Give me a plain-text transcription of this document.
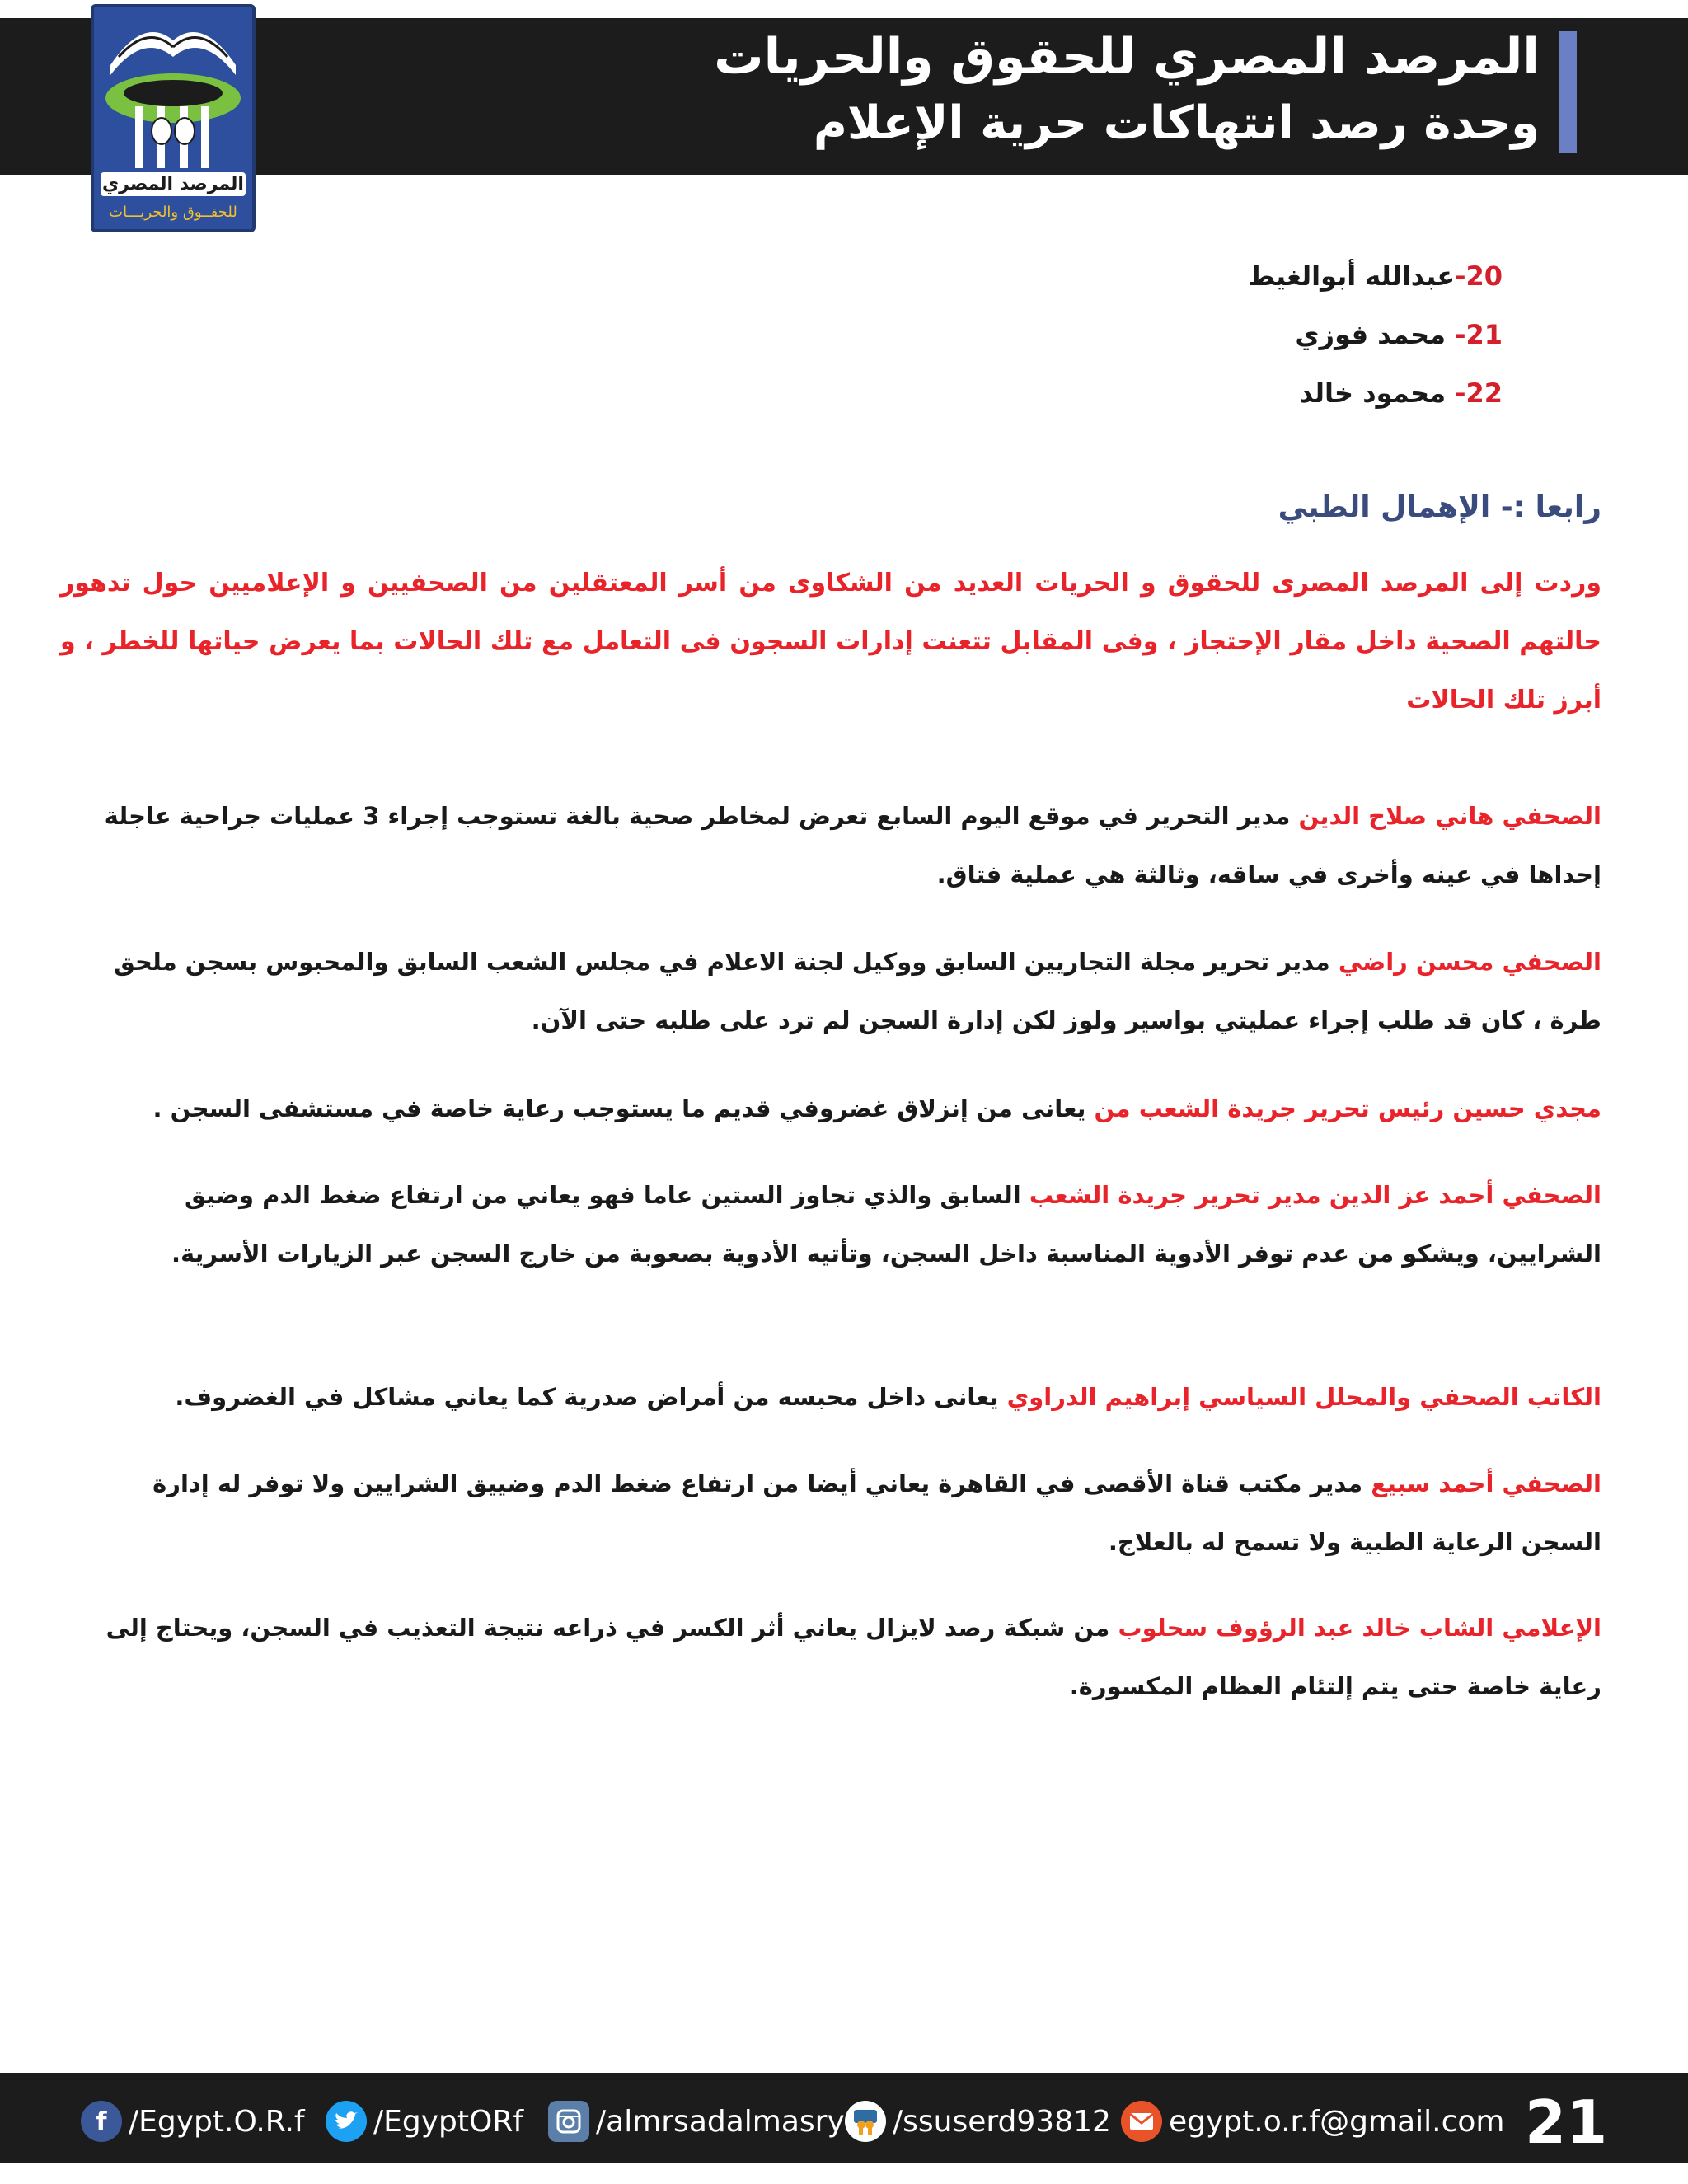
المرصد المصري للحقوق والحريات
وحدة رصد انتهاكات حرية الإعلام
المرصد المصري
للحقــوق والحريـــات
20-عبدالله أبوالغيط
21- محمد فوزي
22- محمود خالد
رابعا :- الإهمال الطبي
وردت إلى المرصد المصرى للحقوق و الحريات العديد من الشكاوى من أسر المعتقلين من الصحفيين و الإعلاميين حول تدهور حالتهم الصحية داخل مقار الإحتجاز ، وفى المقابل تتعنت إدارات السجون فى التعامل مع تلك الحالات بما يعرض حياتها للخطر ، و أبرز تلك الحالات
الصحفي هاني صلاح الدين مدير التحرير في موقع اليوم السابع تعرض لمخاطر صحية بالغة تستوجب إجراء 3 عمليات جراحية عاجلة إحداها في عينه وأخرى في ساقه، وثالثة هي عملية فتاق.
الصحفي محسن راضي مدير تحرير مجلة التجاريين السابق ووكيل لجنة الاعلام في مجلس الشعب السابق والمحبوس بسجن ملحق طرة ، كان قد طلب إجراء عمليتي بواسير ولوز لكن إدارة السجن لم ترد على طلبه حتى الآن.
مجدي حسين رئيس تحرير جريدة الشعب من يعانى من إنزلاق غضروفي قديم ما يستوجب رعاية خاصة في مستشفى السجن .
الصحفي أحمد عز الدين مدير تحرير جريدة الشعب السابق والذي تجاوز الستين عاما فهو يعاني من ارتفاع ضغط الدم وضيق الشرايين، ويشكو من عدم توفر الأدوية المناسبة داخل السجن، وتأتيه الأدوية بصعوبة من خارج السجن عبر الزيارات الأسرية.
الكاتب الصحفي والمحلل السياسي إبراهيم الدراوي يعانى داخل محبسه من أمراض صدرية كما يعاني مشاكل في الغضروف.
الصحفي أحمد سبيع مدير مكتب قناة الأقصى في القاهرة يعاني أيضا من ارتفاع ضغط الدم وضييق الشرايين ولا توفر له إدارة السجن الرعاية الطبية ولا تسمح له بالعلاج.
الإعلامي الشاب خالد عبد الرؤوف سحلوب من شبكة رصد لايزال يعاني أثر الكسر في ذراعه نتيجة التعذيب في السجن، ويحتاج إلى رعاية خاصة حتى يتم إلتئام العظام المكسورة.
f /Egypt.O.R.f /EgyptORf /almrsadalmasry /ssuserd93812 egypt.o.r.f@gmail.com 21
